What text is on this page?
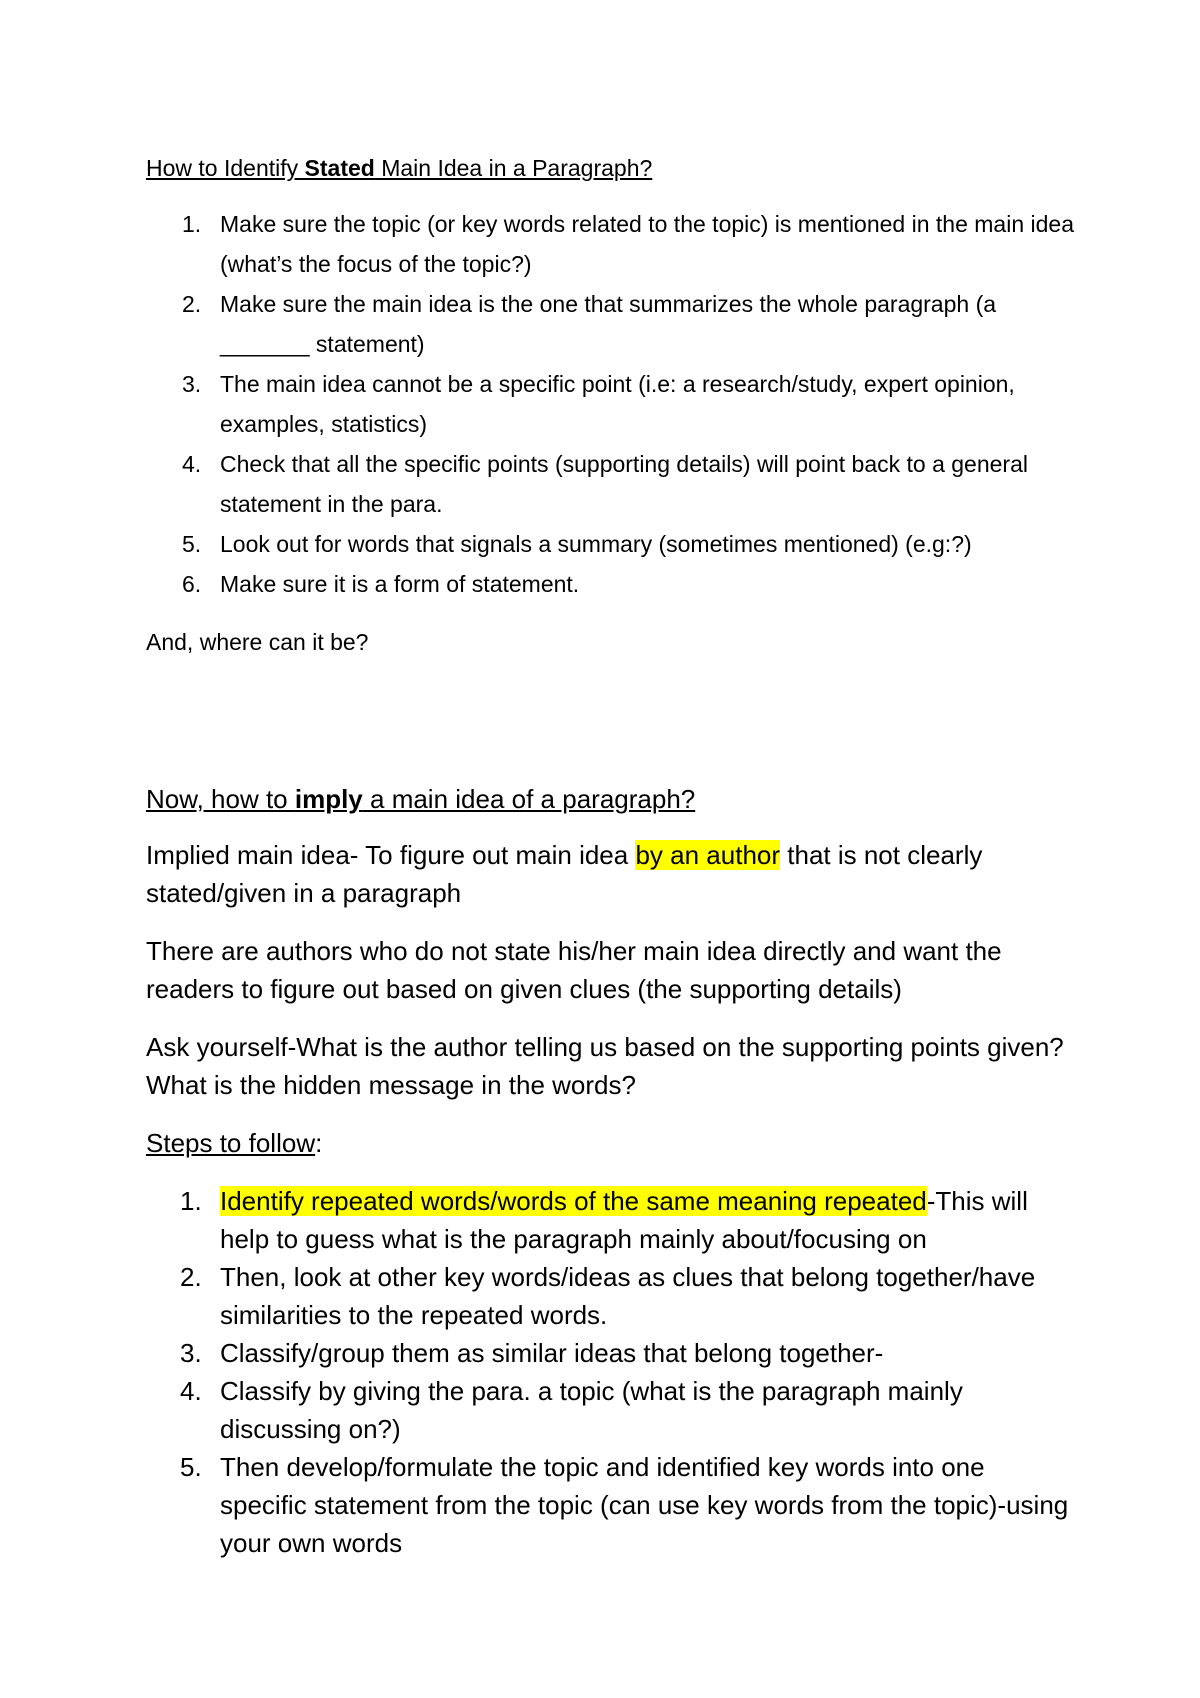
How to Identify Stated Main Idea in a Paragraph?

1. Make sure the topic (or key words related to the topic) is mentioned in the main idea (what’s the focus of the topic?)
2. Make sure the main idea is the one that summarizes the whole paragraph (a _______ statement)
3. The main idea cannot be a specific point (i.e: a research/study, expert opinion, examples, statistics)
4. Check that all the specific points (supporting details) will point back to a general statement in the para.
5. Look out for words that signals a summary (sometimes mentioned) (e.g:?)
6. Make sure it is a form of statement.

And, where can it be?

Now, how to imply a main idea of a paragraph?

Implied main idea- To figure out main idea by an author that is not clearly stated/given in a paragraph

There are authors who do not state his/her main idea directly and want the readers to figure out based on given clues (the supporting details)

Ask yourself-What is the author telling us based on the supporting points given? What is the hidden message in the words?

Steps to follow:

1. Identify repeated words/words of the same meaning repeated-This will help to guess what is the paragraph mainly about/focusing on
2. Then, look at other key words/ideas as clues that belong together/have similarities to the repeated words.
3. Classify/group them as similar ideas that belong together-
4. Classify by giving the para. a topic (what is the paragraph mainly discussing on?)
5. Then develop/formulate the topic and identified key words into one specific statement from the topic (can use key words from the topic)-using your own words
